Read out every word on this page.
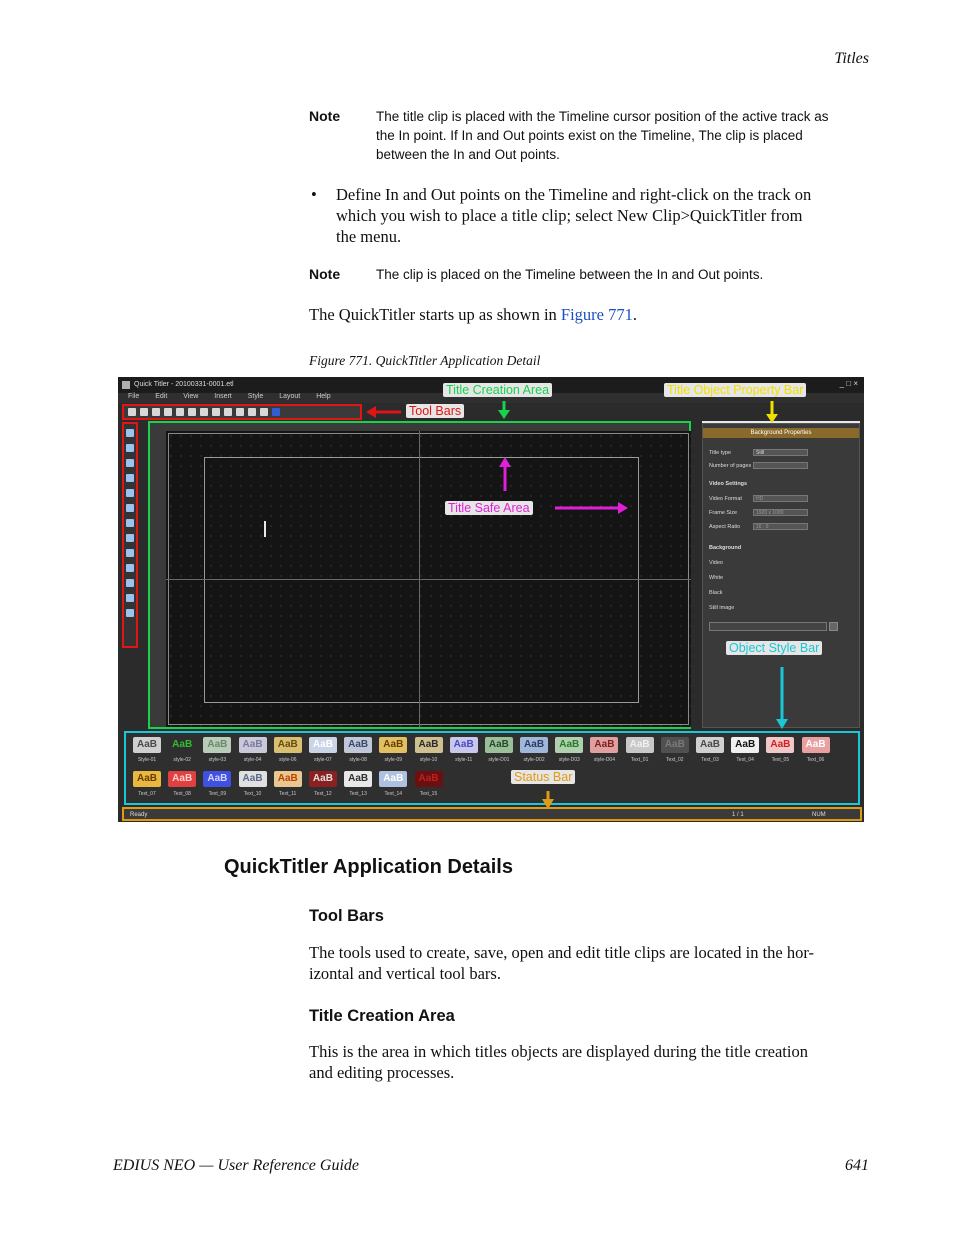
Titles
Note	The title clip is placed with the Timeline cursor position of the active track as
the In point. If In and Out points exist on the Timeline, The clip is placed
between the In and Out points.
• Define In and Out points on the Timeline and right-click on the track on
which you wish to place a title clip; select New Clip>QuickTitler from
the menu.
Note	The clip is placed on the Timeline between the In and Out points.
The QuickTitler starts up as shown in Figure 771.
Figure 771. QuickTitler Application Detail
Quick Titler - 20100331-0001.etl	_ □ ×
File Edit View Insert Style Layout Help
Background Properties
Title type	Still
Number of pages
Video Settings
Video Format	HD
Frame Size	1920 x 1080
Aspect Ratio	16 : 9
Background
Video
White
Black
Still image
AaB
Style-01
AaB
style-02
AaB
style-03
AaB
style-04
AaB
style-06
AaB
style-07
AaB
style-08
AaB
style-09
AaB
style-10
AaB
style-11
AaB
style-D01
AaB
style-D02
AaB
style-D03
AaB
style-D04
AaB
Text_01
AaB
Text_02
AaB
Text_03
AaB
Text_04
AaB
Text_05
AaB
Text_06
AaB
Text_07
AaB
Text_08
AaB
Text_09
AaB
Text_10
AaB
Text_11
AaB
Text_12
AaB
Text_13
AaB
Text_14
AaB
Text_15
Ready	1 / 1	NUM
Tool Bars
Title Creation Area	Title Object Property Bar
Title Safe Area
Object Style Bar
Status Bar
QuickTitler Application Details
Tool Bars
The tools used to create, save, open and edit title clips are located in the hor-
izontal and vertical tool bars.
Title Creation Area
This is the area in which titles objects are displayed during the title creation
and editing processes.
EDIUS NEO — User Reference Guide	641
